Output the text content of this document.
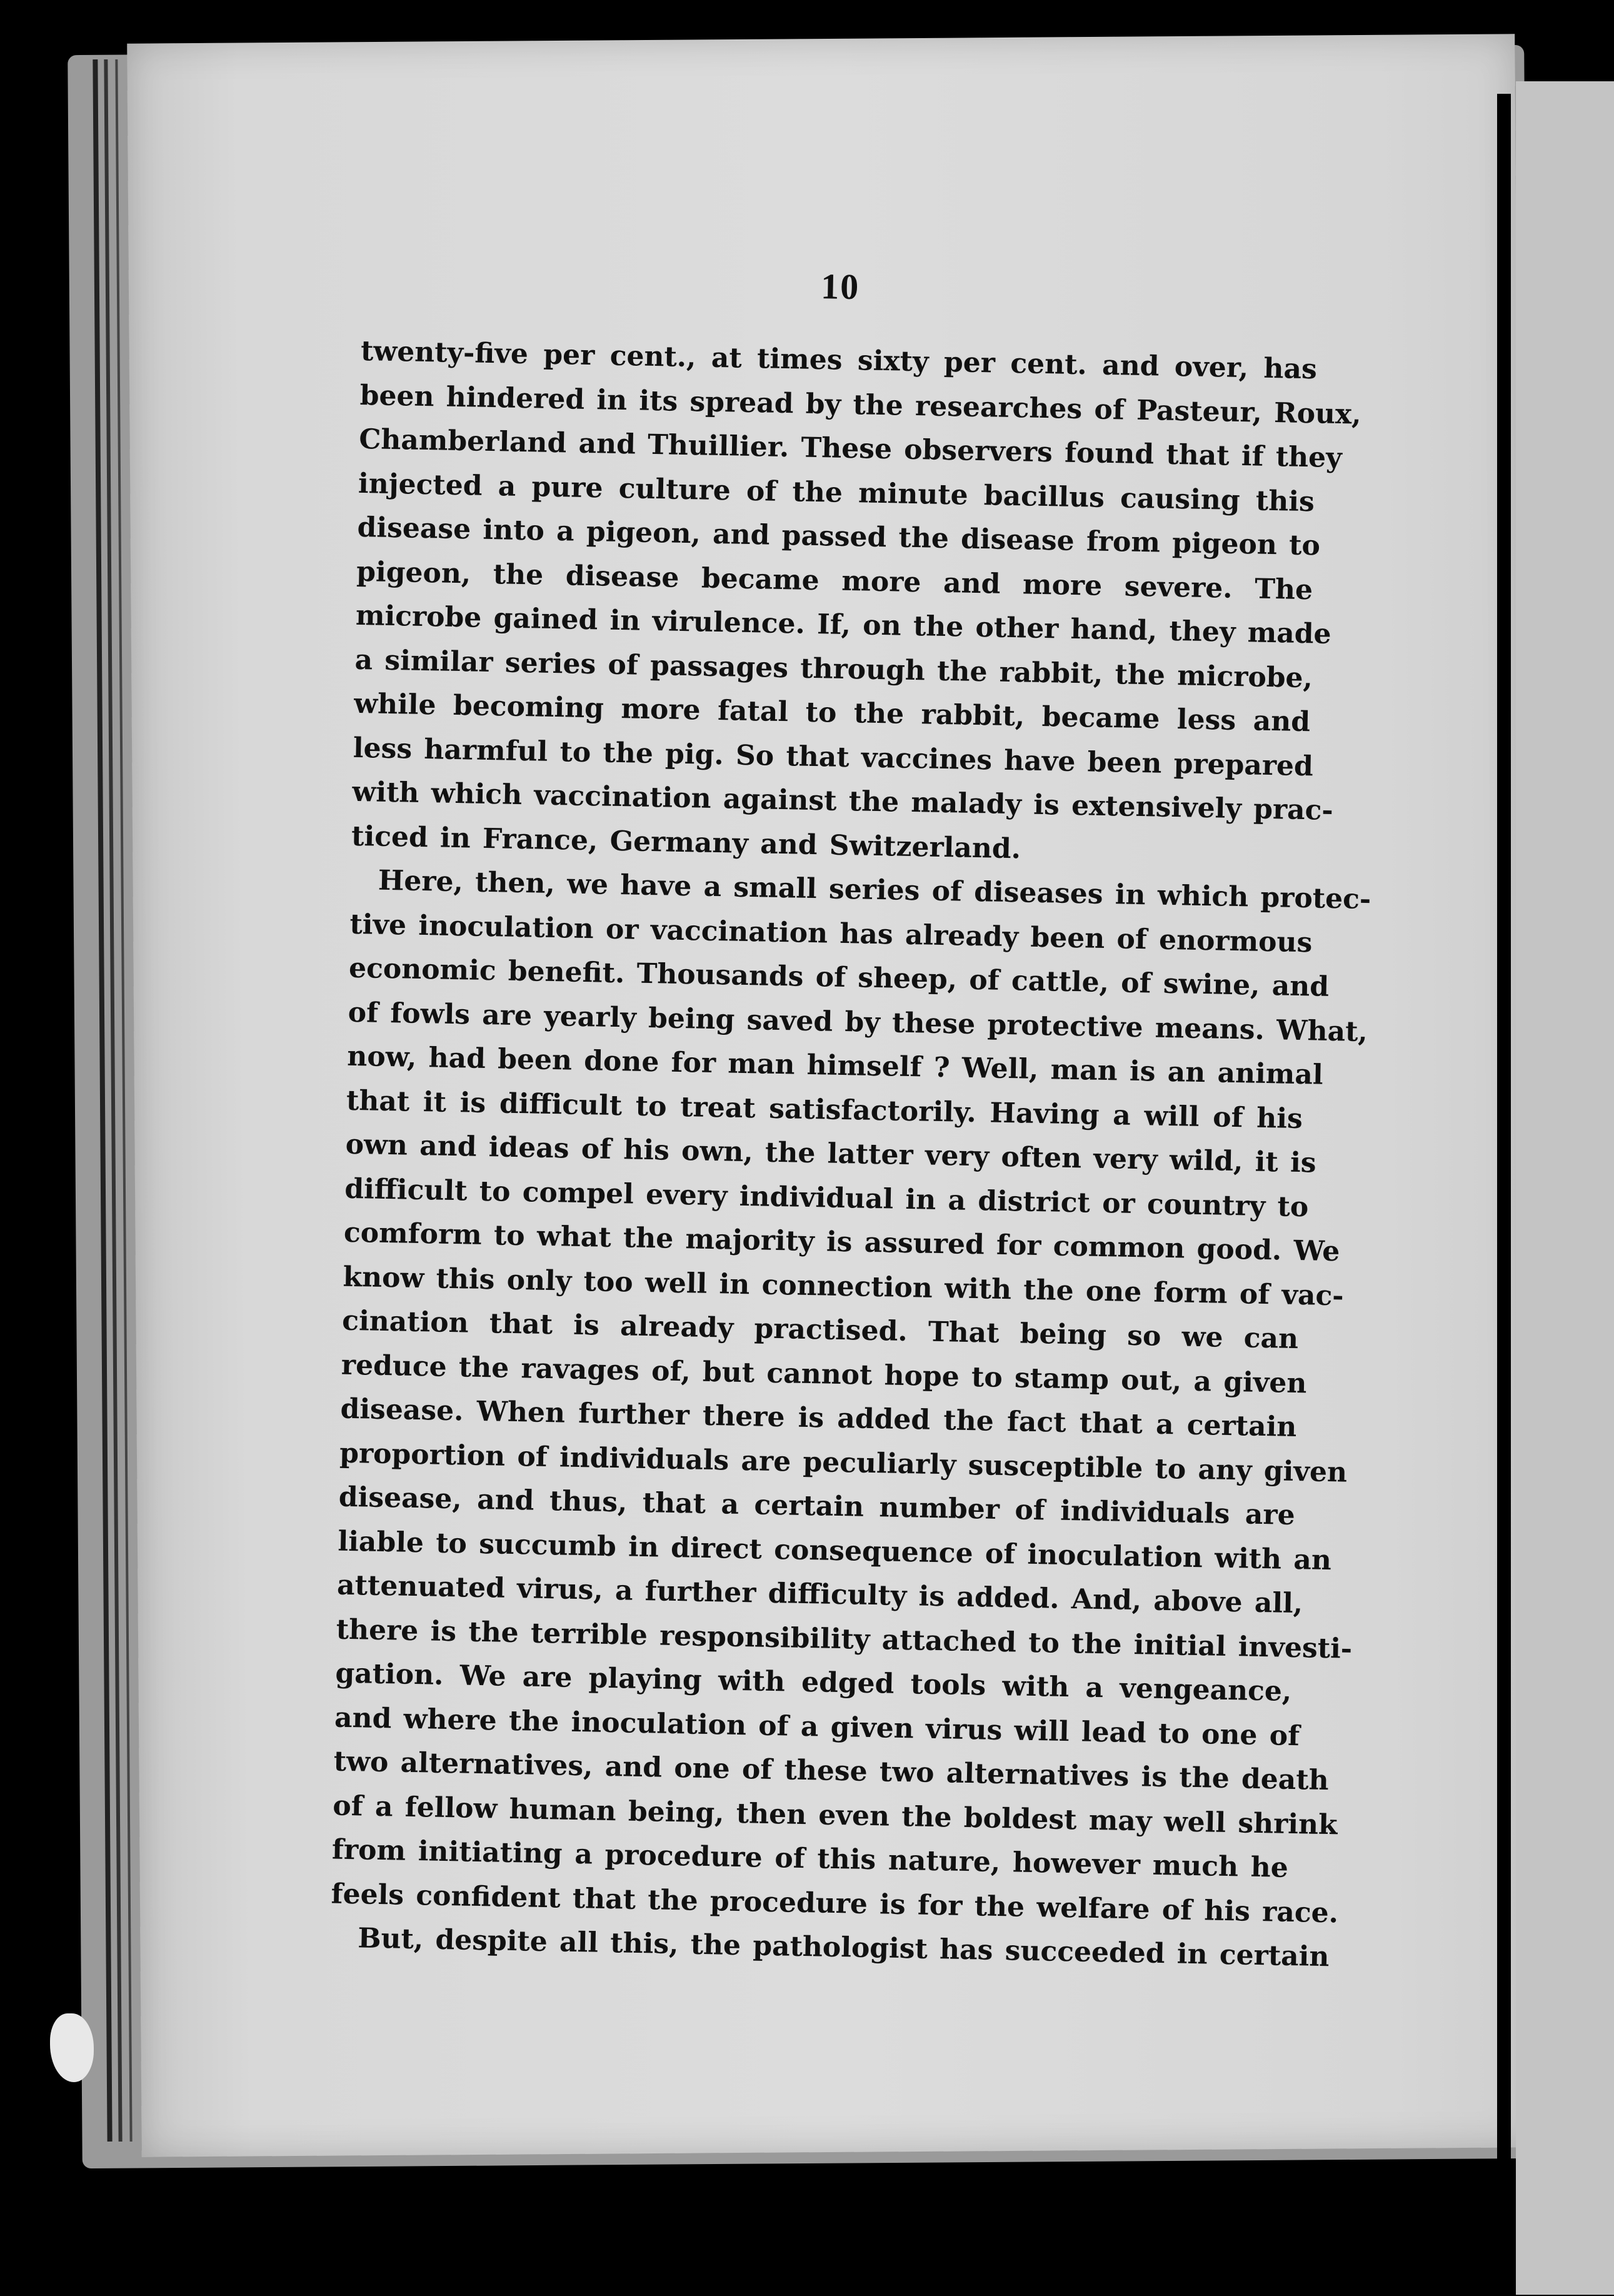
10
twenty-five per cent., at times sixty per cent. and over, has
been hindered in its spread by the researches of Pasteur, Roux,
Chamberland and Thuillier. These observers found that if they
injected a pure culture of the minute bacillus causing this
disease into a pigeon, and passed the disease from pigeon to
pigeon, the disease became more and more severe. The
microbe gained in virulence. If, on the other hand, they made
a similar series of passages through the rabbit, the microbe,
while becoming more fatal to the rabbit, became less and
less harmful to the pig. So that vaccines have been prepared
with which vaccination against the malady is extensively prac-
ticed in France, Germany and Switzerland.
Here, then, we have a small series of diseases in which protec-
tive inoculation or vaccination has already been of enormous
economic benefit. Thousands of sheep, of cattle, of swine, and
of fowls are yearly being saved by these protective means. What,
now, had been done for man himself ? Well, man is an animal
that it is difficult to treat satisfactorily. Having a will of his
own and ideas of his own, the latter very often very wild, it is
difficult to compel every individual in a district or country to
comform to what the majority is assured for common good. We
know this only too well in connection with the one form of vac-
cination that is already practised. That being so we can
reduce the ravages of, but cannot hope to stamp out, a given
disease. When further there is added the fact that a certain
proportion of individuals are peculiarly susceptible to any given
disease, and thus, that a certain number of individuals are
liable to succumb in direct consequence of inoculation with an
attenuated virus, a further difficulty is added. And, above all,
there is the terrible responsibility attached to the initial investi-
gation. We are playing with edged tools with a vengeance,
and where the inoculation of a given virus will lead to one of
two alternatives, and one of these two alternatives is the death
of a fellow human being, then even the boldest may well shrink
from initiating a procedure of this nature, however much he
feels confident that the procedure is for the welfare of his race.
But, despite all this, the pathologist has succeeded in certain
